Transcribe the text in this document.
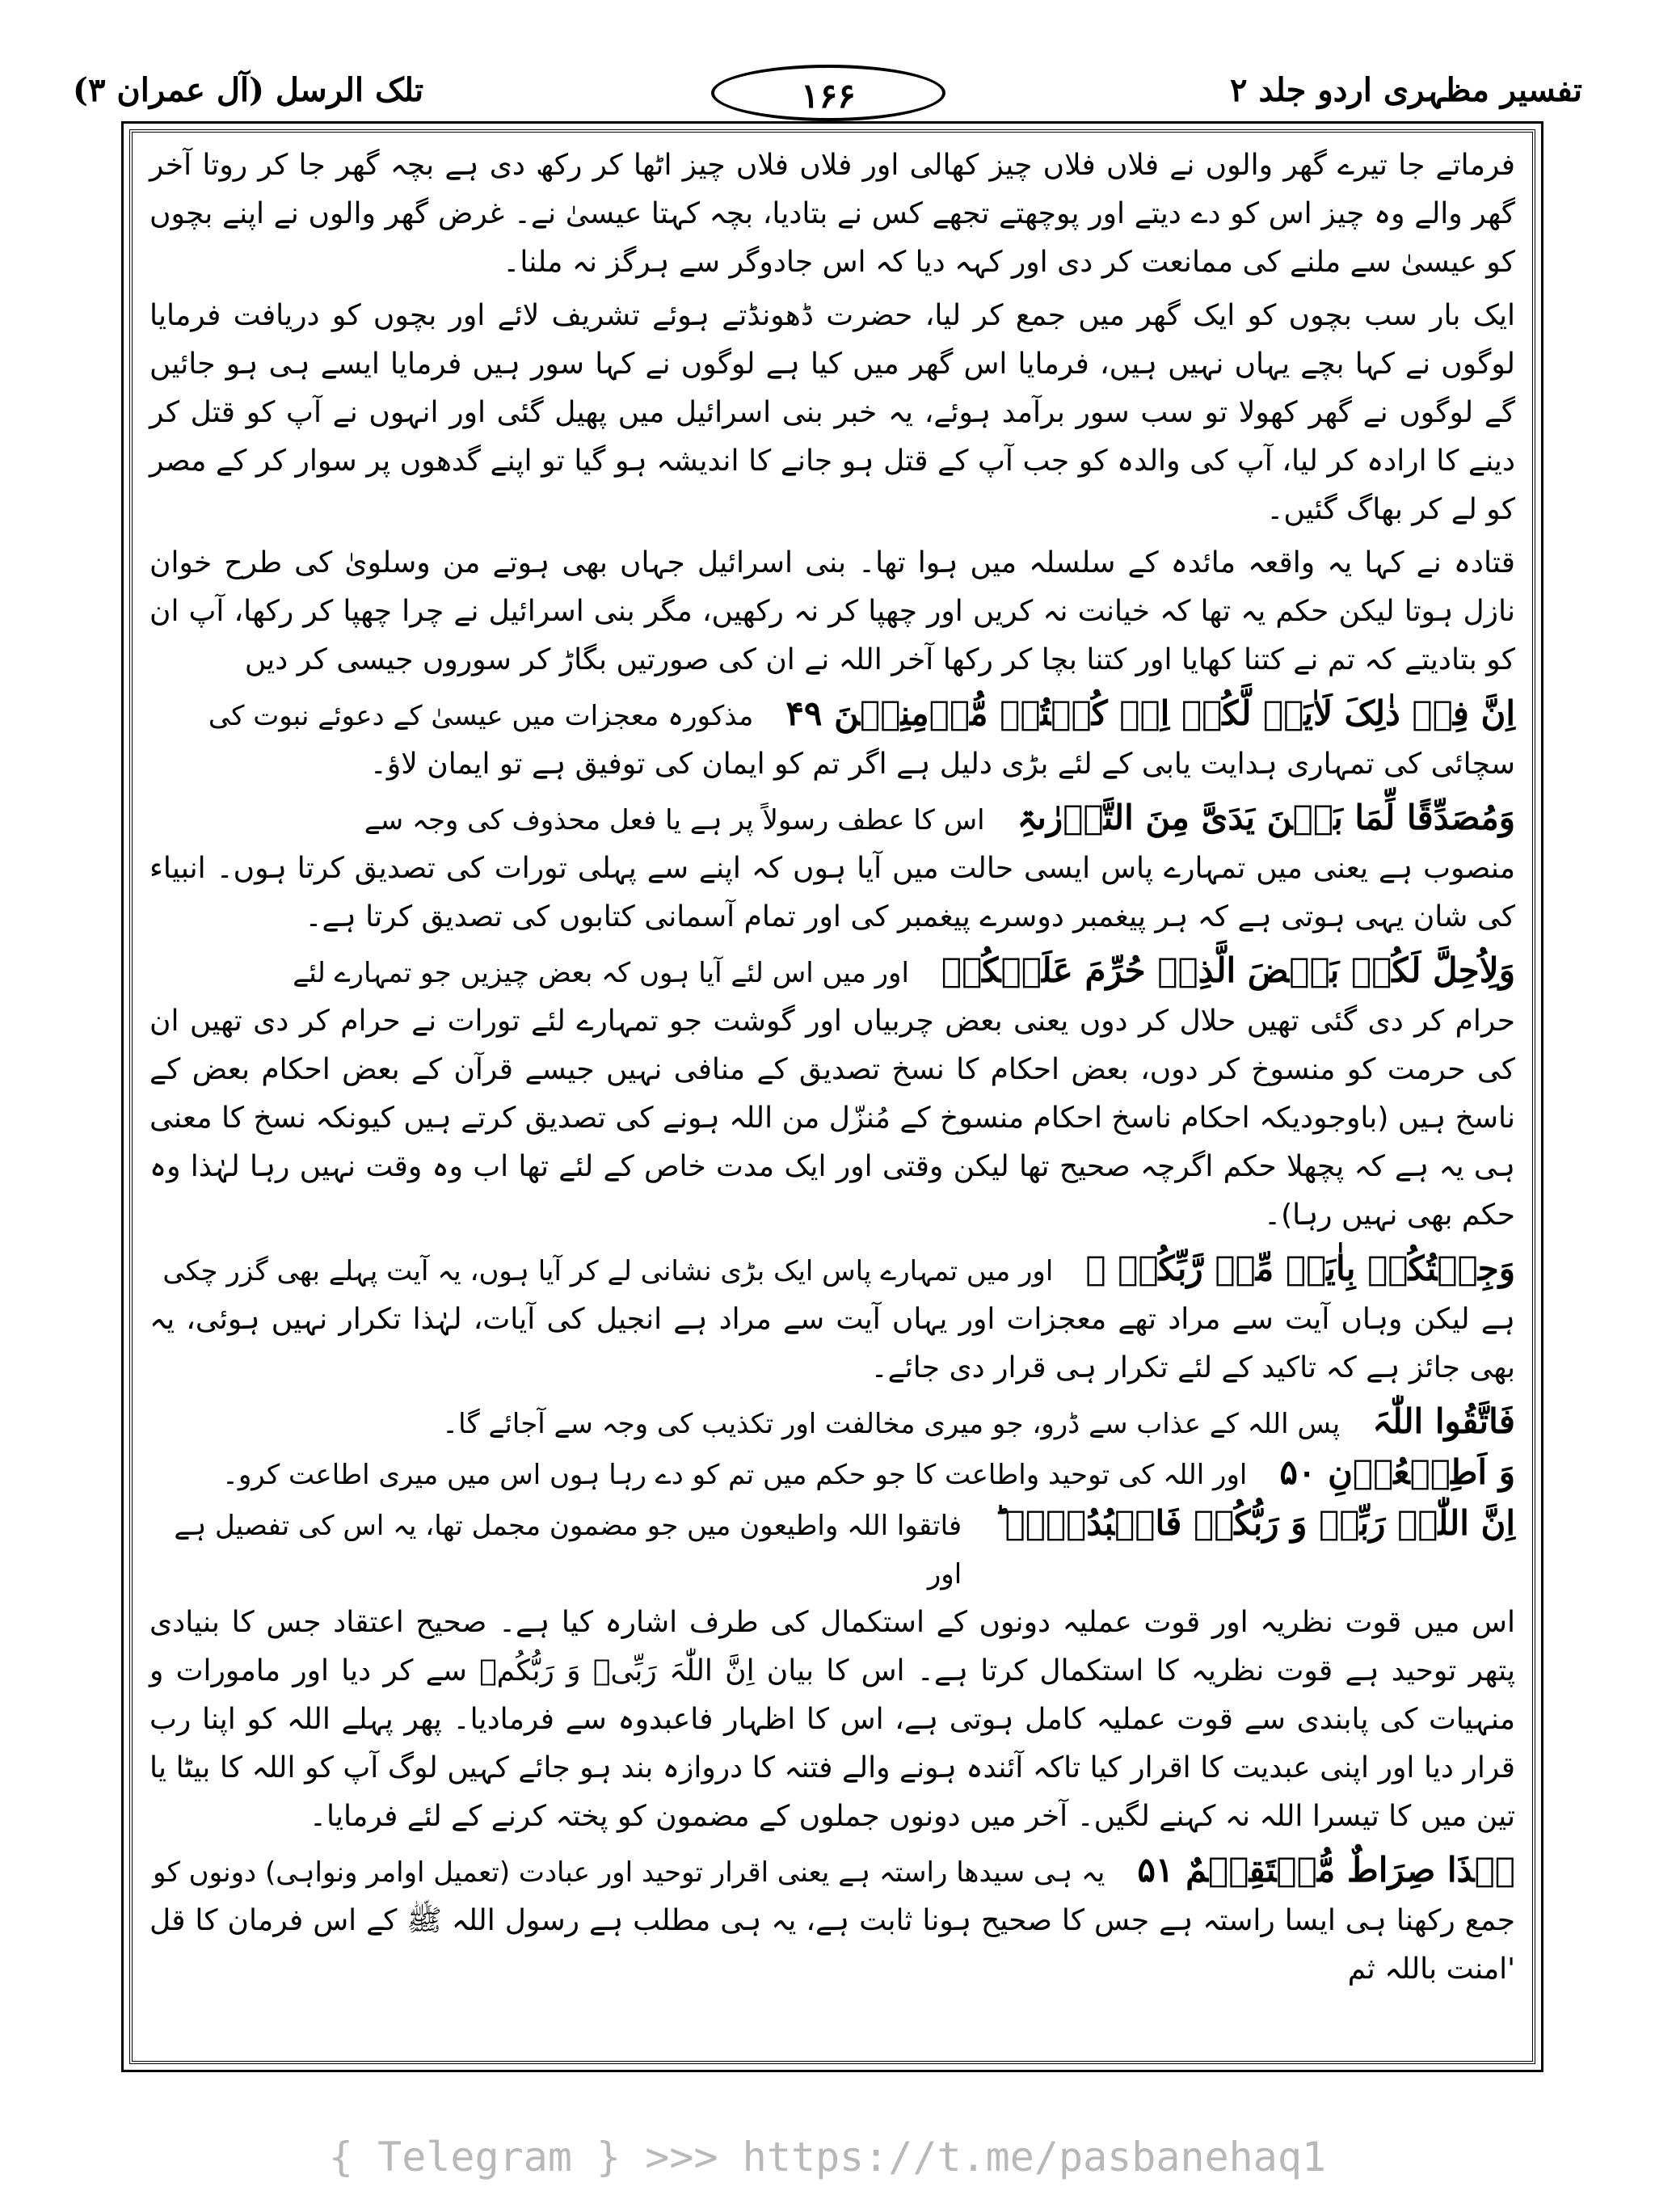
تفسیر مظہری اردو جلد ۲
۱۶۶
تلک الرسل (آل عمران ۳)

فرماتے جا تیرے گھر والوں نے فلاں فلاں چیز کھالی اور فلاں فلاں چیز اٹھا کر رکھ دی ہے بچہ گھر جا کر روتا آخر گھر والے وہ چیز اس کو دے دیتے اور پوچھتے تجھے کس نے بتادیا، بچہ کہتا عیسیٰ نے۔ غرض گھر والوں نے اپنے بچوں کو عیسیٰ سے ملنے کی ممانعت کر دی اور کہہ دیا کہ اس جادوگر سے ہرگز نہ ملنا۔

ایک بار سب بچوں کو ایک گھر میں جمع کر لیا، حضرت ڈھونڈتے ہوئے تشریف لائے اور بچوں کو دریافت فرمایا لوگوں نے کہا بچے یہاں نہیں ہیں، فرمایا اس گھر میں کیا ہے لوگوں نے کہا سور ہیں فرمایا ایسے ہی ہو جائیں گے لوگوں نے گھر کھولا تو سب سور برآمد ہوئے، یہ خبر بنی اسرائیل میں پھیل گئی اور انہوں نے آپ کو قتل کر دینے کا ارادہ کر لیا، آپ کی والدہ کو جب آپ کے قتل ہو جانے کا اندیشہ ہو گیا تو اپنے گدھوں پر سوار کر کے مصر کو لے کر بھاگ گئیں۔

قتادہ نے کہا یہ واقعہ مائدہ کے سلسلہ میں ہوا تھا۔ بنی اسرائیل جہاں بھی ہوتے من وسلویٰ کی طرح خوان نازل ہوتا لیکن حکم یہ تھا کہ خیانت نہ کریں اور چھپا کر نہ رکھیں، مگر بنی اسرائیل نے چرا چھپا کر رکھا، آپ ان کو بتادیتے کہ تم نے کتنا کھایا اور کتنا بچا کر رکھا آخر اللہ نے ان کی صورتیں بگاڑ کر سوروں جیسی کر دیں

اِنَّ فِیۡ ذٰلِکَ لَاٰیَۃً لَّکُمۡ اِنۡ کُنۡتُمۡ مُّؤۡمِنِیۡنَ ۴۹
مذکورہ معجزات میں عیسیٰ کے دعوئے نبوت کی

سچائی کی تمہاری ہدایت یابی کے لئے بڑی دلیل ہے اگر تم کو ایمان کی توفیق ہے تو ایمان لاؤ۔

وَمُصَدِّقًا لِّمَا بَیۡنَ یَدَیَّ مِنَ التَّوۡرٰىۃِ
اس کا عطف رسولاً پر ہے یا فعل محذوف کی وجہ سے

منصوب ہے یعنی میں تمہارے پاس ایسی حالت میں آیا ہوں کہ اپنے سے پہلی تورات کی تصدیق کرتا ہوں۔ انبیاء کی شان یہی ہوتی ہے کہ ہر پیغمبر دوسرے پیغمبر کی اور تمام آسمانی کتابوں کی تصدیق کرتا ہے۔

وَلِاُحِلَّ لَکُمۡ بَعۡضَ الَّذِیۡ حُرِّمَ عَلَیۡکُمۡ
اور میں اس لئے آیا ہوں کہ بعض چیزیں جو تمہارے لئے

حرام کر دی گئی تھیں حلال کر دوں یعنی بعض چربیاں اور گوشت جو تمہارے لئے تورات نے حرام کر دی تھیں ان کی حرمت کو منسوخ کر دوں، بعض احکام کا نسخ تصدیق کے منافی نہیں جیسے قرآن کے بعض احکام بعض کے ناسخ ہیں (باوجودیکہ احکام ناسخ احکام منسوخ کے مُنزّل من اللہ ہونے کی تصدیق کرتے ہیں کیونکہ نسخ کا معنی ہی یہ ہے کہ پچھلا حکم اگرچہ صحیح تھا لیکن وقتی اور ایک مدت خاص کے لئے تھا اب وہ وقت نہیں رہا لہٰذا وہ حکم بھی نہیں رہا)۔

وَجِئۡتُکُمۡ بِاٰیَۃٍ مِّنۡ رَّبِّکُمۡ ۟
اور میں تمہارے پاس ایک بڑی نشانی لے کر آیا ہوں، یہ آیت پہلے بھی گزر چکی

ہے لیکن وہاں آیت سے مراد تھے معجزات اور یہاں آیت سے مراد ہے انجیل کی آیات، لہٰذا تکرار نہیں ہوئی، یہ بھی جائز ہے کہ تاکید کے لئے تکرار ہی قرار دی جائے۔

فَاتَّقُوا اللّٰہَ
پس اللہ کے عذاب سے ڈرو، جو میری مخالفت اور تکذیب کی وجہ سے آجائے گا۔
وَ اَطِیۡعُوۡنِ ۵۰
اور اللہ کی توحید واطاعت کا جو حکم میں تم کو دے رہا ہوں اس میں میری اطاعت کرو۔
اِنَّ اللّٰہَ رَبِّیۡ وَ رَبُّکُمۡ فَاعۡبُدُوۡہُ ؕ
فاتقوا اللہ واطیعون میں جو مضمون مجمل تھا، یہ اس کی تفصیل ہے اور

اس میں قوت نظریہ اور قوت عملیہ دونوں کے استکمال کی طرف اشارہ کیا ہے۔ صحیح اعتقاد جس کا بنیادی پتھر توحید ہے قوت نظریہ کا استکمال کرتا ہے۔ اس کا بیان اِنَّ اللّٰہَ رَبِّیۡ وَ رَبُّکُمۡ سے کر دیا اور مامورات و منہیات کی پابندی سے قوت عملیہ کامل ہوتی ہے، اس کا اظہار فاعبدوہ سے فرمادیا۔ پھر پہلے اللہ کو اپنا رب قرار دیا اور اپنی عبدیت کا اقرار کیا تاکہ آئندہ ہونے والے فتنہ کا دروازہ بند ہو جائے کہیں لوگ آپ کو اللہ کا بیٹا یا تین میں کا تیسرا اللہ نہ کہنے لگیں۔ آخر میں دونوں جملوں کے مضمون کو پختہ کرنے کے لئے فرمایا۔

ہٰذَا صِرَاطٌ مُّسۡتَقِیۡمٌ ۵۱
یہ ہی سیدھا راستہ ہے یعنی اقرار توحید اور عبادت (تعمیل اوامر ونواہی) دونوں کو

جمع رکھنا ہی ایسا راستہ ہے جس کا صحیح ہونا ثابت ہے، یہ ہی مطلب ہے رسول اللہ ﷺ کے اس فرمان کا قل 'امنت باللہ ثم

{ Telegram } >>> https://t.me/pasbanehaq1
